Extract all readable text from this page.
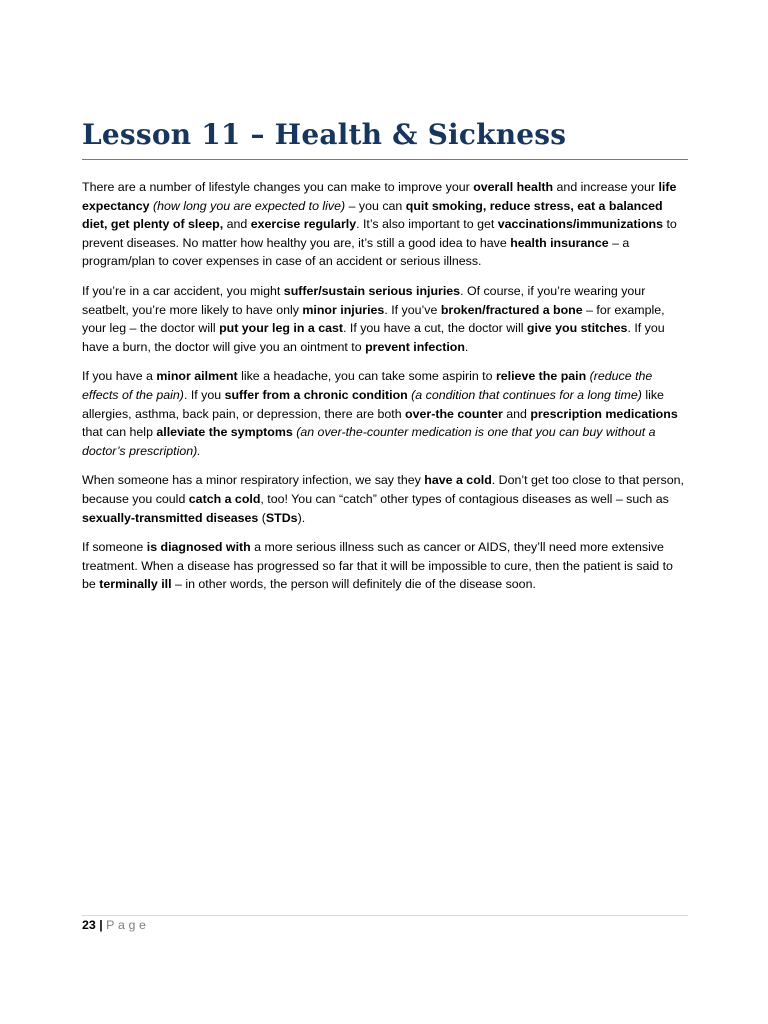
Lesson 11 – Health & Sickness

There are a number of lifestyle changes you can make to improve your overall health and increase your life expectancy (how long you are expected to live) – you can quit smoking, reduce stress, eat a balanced diet, get plenty of sleep, and exercise regularly. It’s also important to get vaccinations/immunizations to prevent diseases. No matter how healthy you are, it’s still a good idea to have health insurance – a program/plan to cover expenses in case of an accident or serious illness.

If you’re in a car accident, you might suffer/sustain serious injuries. Of course, if you’re wearing your seatbelt, you’re more likely to have only minor injuries. If you’ve broken/fractured a bone – for example, your leg – the doctor will put your leg in a cast. If you have a cut, the doctor will give you stitches. If you have a burn, the doctor will give you an ointment to prevent infection.

If you have a minor ailment like a headache, you can take some aspirin to relieve the pain (reduce the effects of the pain). If you suffer from a chronic condition (a condition that continues for a long time) like allergies, asthma, back pain, or depression, there are both over-the counter and prescription medications that can help alleviate the symptoms (an over-the-counter medication is one that you can buy without a doctor’s prescription).

When someone has a minor respiratory infection, we say they have a cold. Don’t get too close to that person, because you could catch a cold, too! You can “catch” other types of contagious diseases as well – such as sexually-transmitted diseases (STDs).

If someone is diagnosed with a more serious illness such as cancer or AIDS, they’ll need more extensive treatment. When a disease has progressed so far that it will be impossible to cure, then the patient is said to be terminally ill – in other words, the person will definitely die of the disease soon.

23 | Page
